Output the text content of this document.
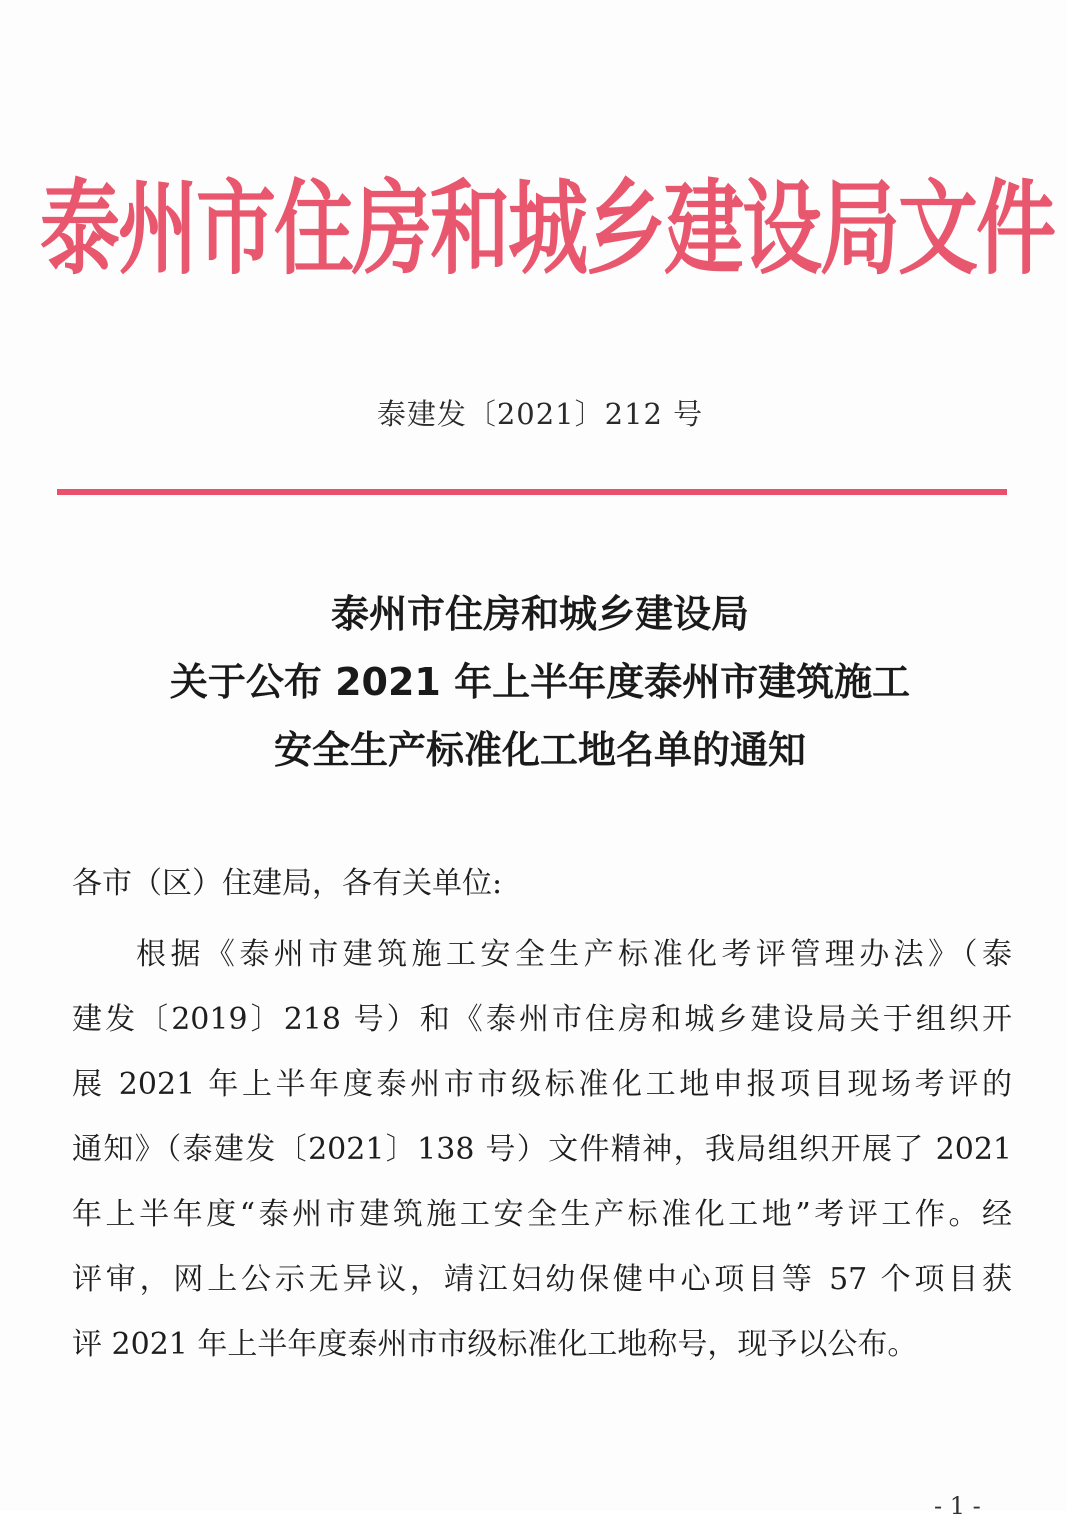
泰州市住房和城乡建设局文件
泰建发〔2021〕212 号
泰州市住房和城乡建设局
关于公布 2021 年上半年度泰州市建筑施工
安全生产标准化工地名单的通知
各市（区）住建局，各有关单位:
根据《泰州市建筑施工安全生产标准化考评管理办法》（泰
建发〔2019〕218 号）和《泰州市住房和城乡建设局关于组织开
展 2021 年上半年度泰州市市级标准化工地申报项目现场考评的
通知》（泰建发〔2021〕138 号）文件精神，我局组织开展了 2021
年上半年度“泰州市建筑施工安全生产标准化工地”考评工作。经
评审，网上公示无异议，靖江妇幼保健中心项目等 57 个项目获
评 2021 年上半年度泰州市市级标准化工地称号，现予以公布。
- 1 -
